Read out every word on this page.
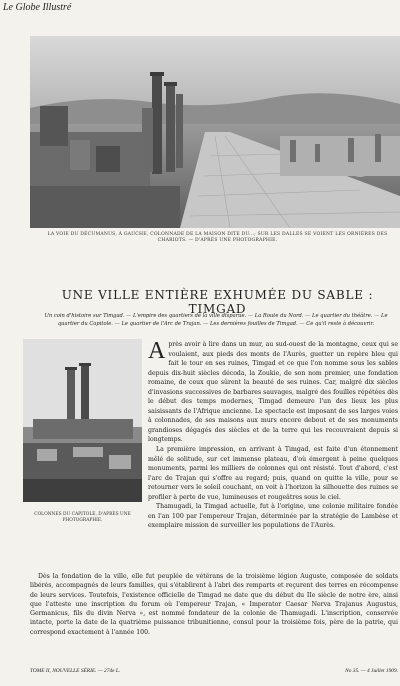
Le Globe Illustré
LA VOIE DU DÉCUMANUS, À GAUCHE, COLONNADE DE LA MAISON DITE DU...; SUR LES DALLES SE VOIENT LES ORNIÈRES DES CHARIOTS. — D'APRÈS UNE PHOTOGRAPHIE.
UNE VILLE ENTIÈRE EXHUMÉE DU SABLE : TIMGAD
Un coin d'histoire sur Timgad. — L'empire des quartiers de la ville disparue. — La Route du Nord. — Le quartier du théâtre. — Le quartier du Capitole. — Le quartier de l'Arc de Trajan. — Les dernières fouilles de Timgad. — Ce qu'il reste à découvrir.
COLONNES DU CAPITOLE, D'APRÈS UNE PHOTOGRAPHIE.
A près avoir à lire dans un mur, au sud-ouest de la montagne, ceux qui se voulaient, aux pieds des monts de l'Aurès, guetter un repère bleu qui fait le tour en ses ruines, Timgad et ce que l'on nomme sous les sables depuis dix-huit siècles décoda, la Zoukie, de son nom premier, une fondation romaine, de ceux que sûrent la beauté de ses ruines. Car, malgré dix siècles d'invasions successives de barbares sauvages, malgré des fouilles répétées dès le début des temps modernes, Timgad demeure l'un des lieux les plus saisissants de l'Afrique ancienne. Le spectacle est imposant de ses larges voies à colonnades, de ses maisons aux murs encore debout et de ses monuments grandioses dégagés des siècles et de la terre qui les recouvraient depuis si longtemps.

La première impression, en arrivant à Timgad, est faite d'un étonnement mêlé de solitude, sur cet immense plateau, d'où émergent à peine quelques monuments, parmi les milliers de colonnes qui ont résisté. Tout d'abord, c'est l'arc de Trajan qui s'offre au regard; puis, quand on quitte la ville, pour se retourner vers le soleil couchant, on voit à l'horizon la silhouette des ruines se profiler à perte de vue, lumineuses et rougeâtres sous le ciel.

Thamugadi, la Timgad actuelle, fut à l'origine, une colonie militaire fondée en l'an 100 par l'empereur Trajan, déterminée par la stratégie de Lambèse et exemplaire mission de surveiller les populations de l'Aurès.

Dès la fondation de la ville, elle fut peuplée de vétérans de la troisième légion Auguste, composée de soldats libérés, accompagnés de leurs familles, qui s'établirent à l'abri des remparts et reçurent des terres en récompense de leurs services. Toutefois, l'existence officielle de Timgad ne date que du début du IIe siècle de notre ère, ainsi que l'atteste une inscription du forum où l'empereur Trajan, « Imperator Caesar Nerva Trajanus Augustus, Germanicus, fils du divin Nerva », est nommé fondateur de la colonie de Thamugadi. L'inscription, conservée intacte, porte la date de la quatrième puissance tribunitienne, consul pour la troisième fois, père de la patrie, qui correspond exactement à l'année 100.

TOME II, NOUVELLE SÉRIE. — 274e L.	No 35. — 4 Juillet 1909.
